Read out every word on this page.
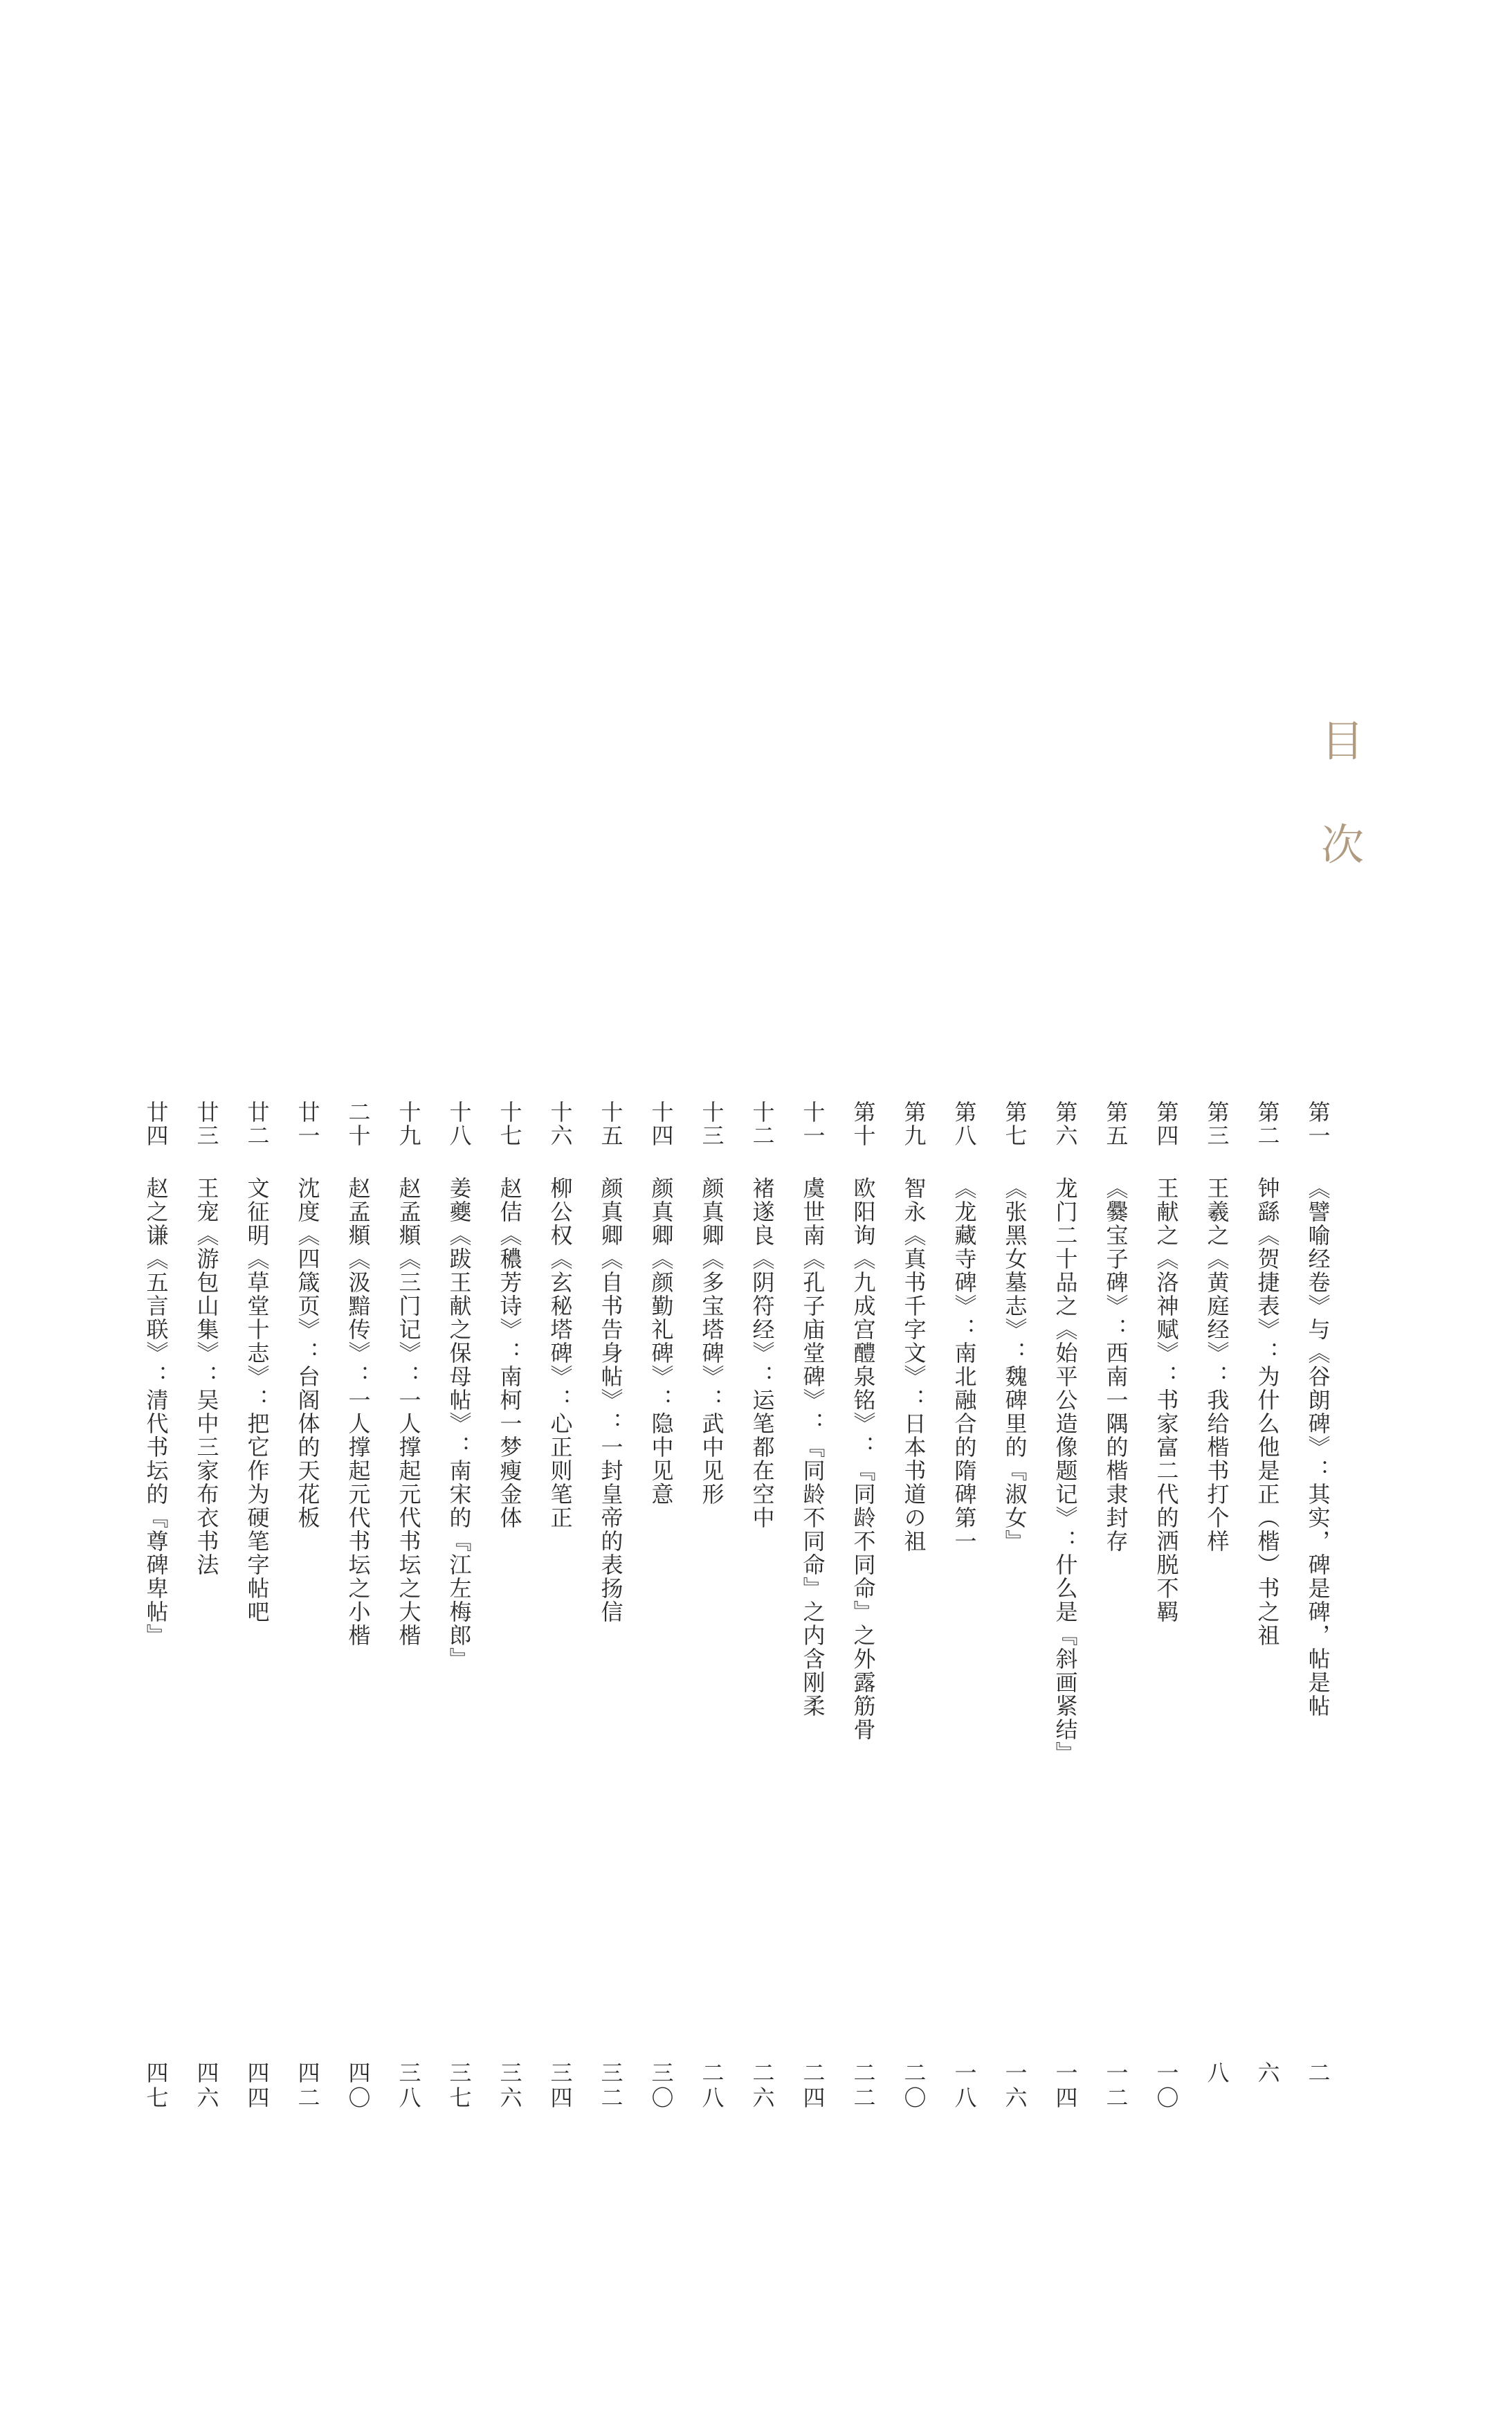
目
次
第一
《譬喻经卷》与《谷朗碑》：其实，碑是碑，帖是帖
二
第二
钟繇《贺捷表》：为什么他是正（楷）书之祖
六
第三
王羲之《黄庭经》：我给楷书打个样
八
第四
王献之《洛神赋》：书家富二代的洒脱不羁
一〇
第五
《爨宝子碑》：西南一隅的楷隶封存
一二
第六
龙门二十品之《始平公造像题记》：什么是『斜画紧结』
一四
第七
《张黑女墓志》：魏碑里的『淑女』
一六
第八
《龙藏寺碑》：南北融合的隋碑第一
一八
第九
智永《真书千字文》：日本书道の祖
二〇
第十
欧阳询《九成宫醴泉铭》：『同龄不同命』之外露筋骨
二二
十一
虞世南《孔子庙堂碑》：『同龄不同命』之内含刚柔
二四
十二
褚遂良《阴符经》：运笔都在空中
二六
十三
颜真卿《多宝塔碑》：武中见形
二八
十四
颜真卿《颜勤礼碑》：隐中见意
三〇
十五
颜真卿《自书告身帖》：一封皇帝的表扬信
三二
十六
柳公权《玄秘塔碑》：心正则笔正
三四
十七
赵佶《穠芳诗》：南柯一梦瘦金体
三六
十八
姜夔《跋王献之保母帖》：南宋的『江左梅郎』
三七
十九
赵孟頫《三门记》：一人撑起元代书坛之大楷
三八
二十
赵孟頫《汲黯传》：一人撑起元代书坛之小楷
四〇
廿一
沈度《四箴页》：台阁体的天花板
四二
廿二
文征明《草堂十志》：把它作为硬笔字帖吧
四四
廿三
王宠《游包山集》：吴中三家布衣书法
四六
廿四
赵之谦《五言联》：清代书坛的『尊碑卑帖』
四七
